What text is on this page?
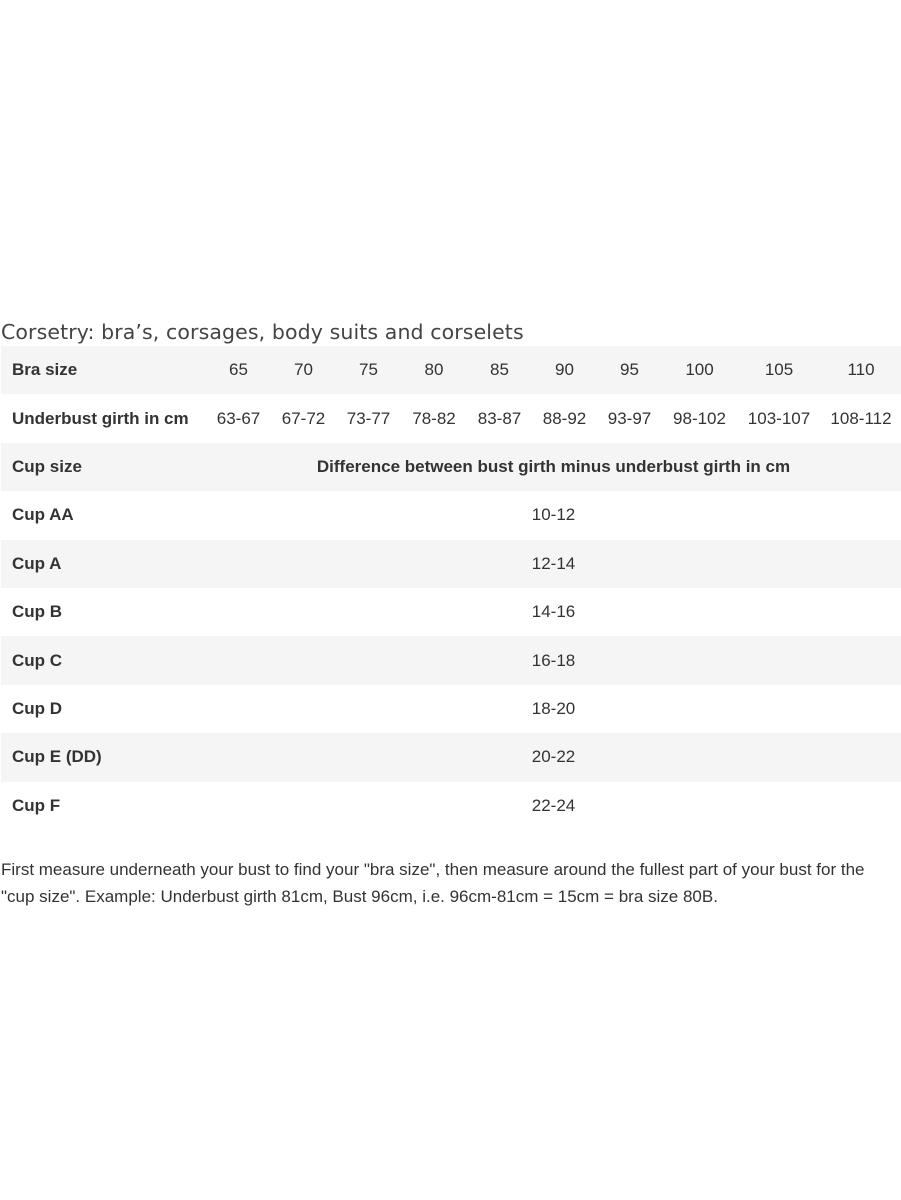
Corsetry: bra’s, corsages, body suits and corselets
Bra size	65	70	75	80	85	90	95	100	105	110
Underbust girth in cm	63-67	67-72	73-77	78-82	83-87	88-92	93-97	98-102	103-107	108-112
Cup size	Difference between bust girth minus underbust girth in cm									
Cup AA	10-12									
Cup A	12-14									
Cup B	14-16									
Cup C	16-18									
Cup D	18-20									
Cup E (DD)	20-22									
Cup F	22-24									

First measure underneath your bust to find your "bra size", then measure around the fullest part of your bust for the "cup size". Example: Underbust girth 81cm, Bust 96cm, i.e. 96cm-81cm = 15cm = bra size 80B.
